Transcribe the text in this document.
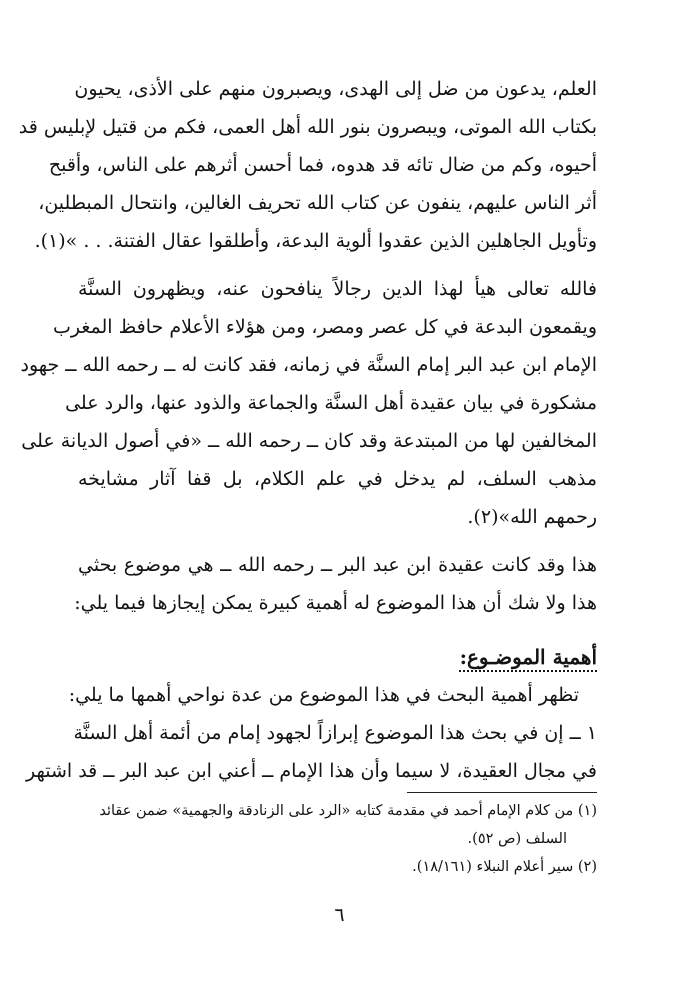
العلم، يدعون من ضل إلى الهدى، ويصبرون منهم على الأذى، يحيون
بكتاب الله الموتى، ويبصرون بنور الله أهل العمى، فكم من قتيل لإبليس قد
أحيوه، وكم من ضال تائه قد هدوه، فما أحسن أثرهم على الناس، وأقبح
أثر الناس عليهم، ينفون عن كتاب الله تحريف الغالين، وانتحال المبطلين،
وتأويل الجاهلين الذين عقدوا ألوية البدعة، وأطلقوا عقال الفتنة. . . »(١).
فالله تعالى هيأ لهذا الدين رجالاً ينافحون عنه، ويظهرون السنَّة
ويقمعون البدعة في كل عصر ومصر، ومن هؤلاء الأعلام حافظ المغرب
الإمام ابن عبد البر إمام السنَّة في زمانه، فقد كانت له ــ رحمه الله ــ جهود
مشكورة في بيان عقيدة أهل السنَّة والجماعة والذود عنها، والرد على
المخالفين لها من المبتدعة وقد كان ــ رحمه الله ــ «في أصول الديانة على
مذهب السلف، لم يدخل في علم الكلام، بل قفا آثار مشايخه
رحمهم الله»(٢).
هذا وقد كانت عقيدة ابن عبد البر ــ رحمه الله ــ هي موضوع بحثي
هذا ولا شك أن هذا الموضوع له أهمية كبيرة يمكن إيجازها فيما يلي:
أهمية الموضـوع:
تظهر أهمية البحث في هذا الموضوع من عدة نواحي أهمها ما يلي:
١ ــ إن في بحث هذا الموضوع إبرازاً لجهود إمام من أئمة أهل السنَّة
في مجال العقيدة، لا سيما وأن هذا الإمام ــ أعني ابن عبد البر ــ قد اشتهر
(١) من كلام الإمام أحمد في مقدمة كتابه «الرد على الزنادقة والجهمية» ضمن عقائد
السلف (ص ٥٢).
(٢) سير أعلام النبلاء (١٨/١٦١).
٦
